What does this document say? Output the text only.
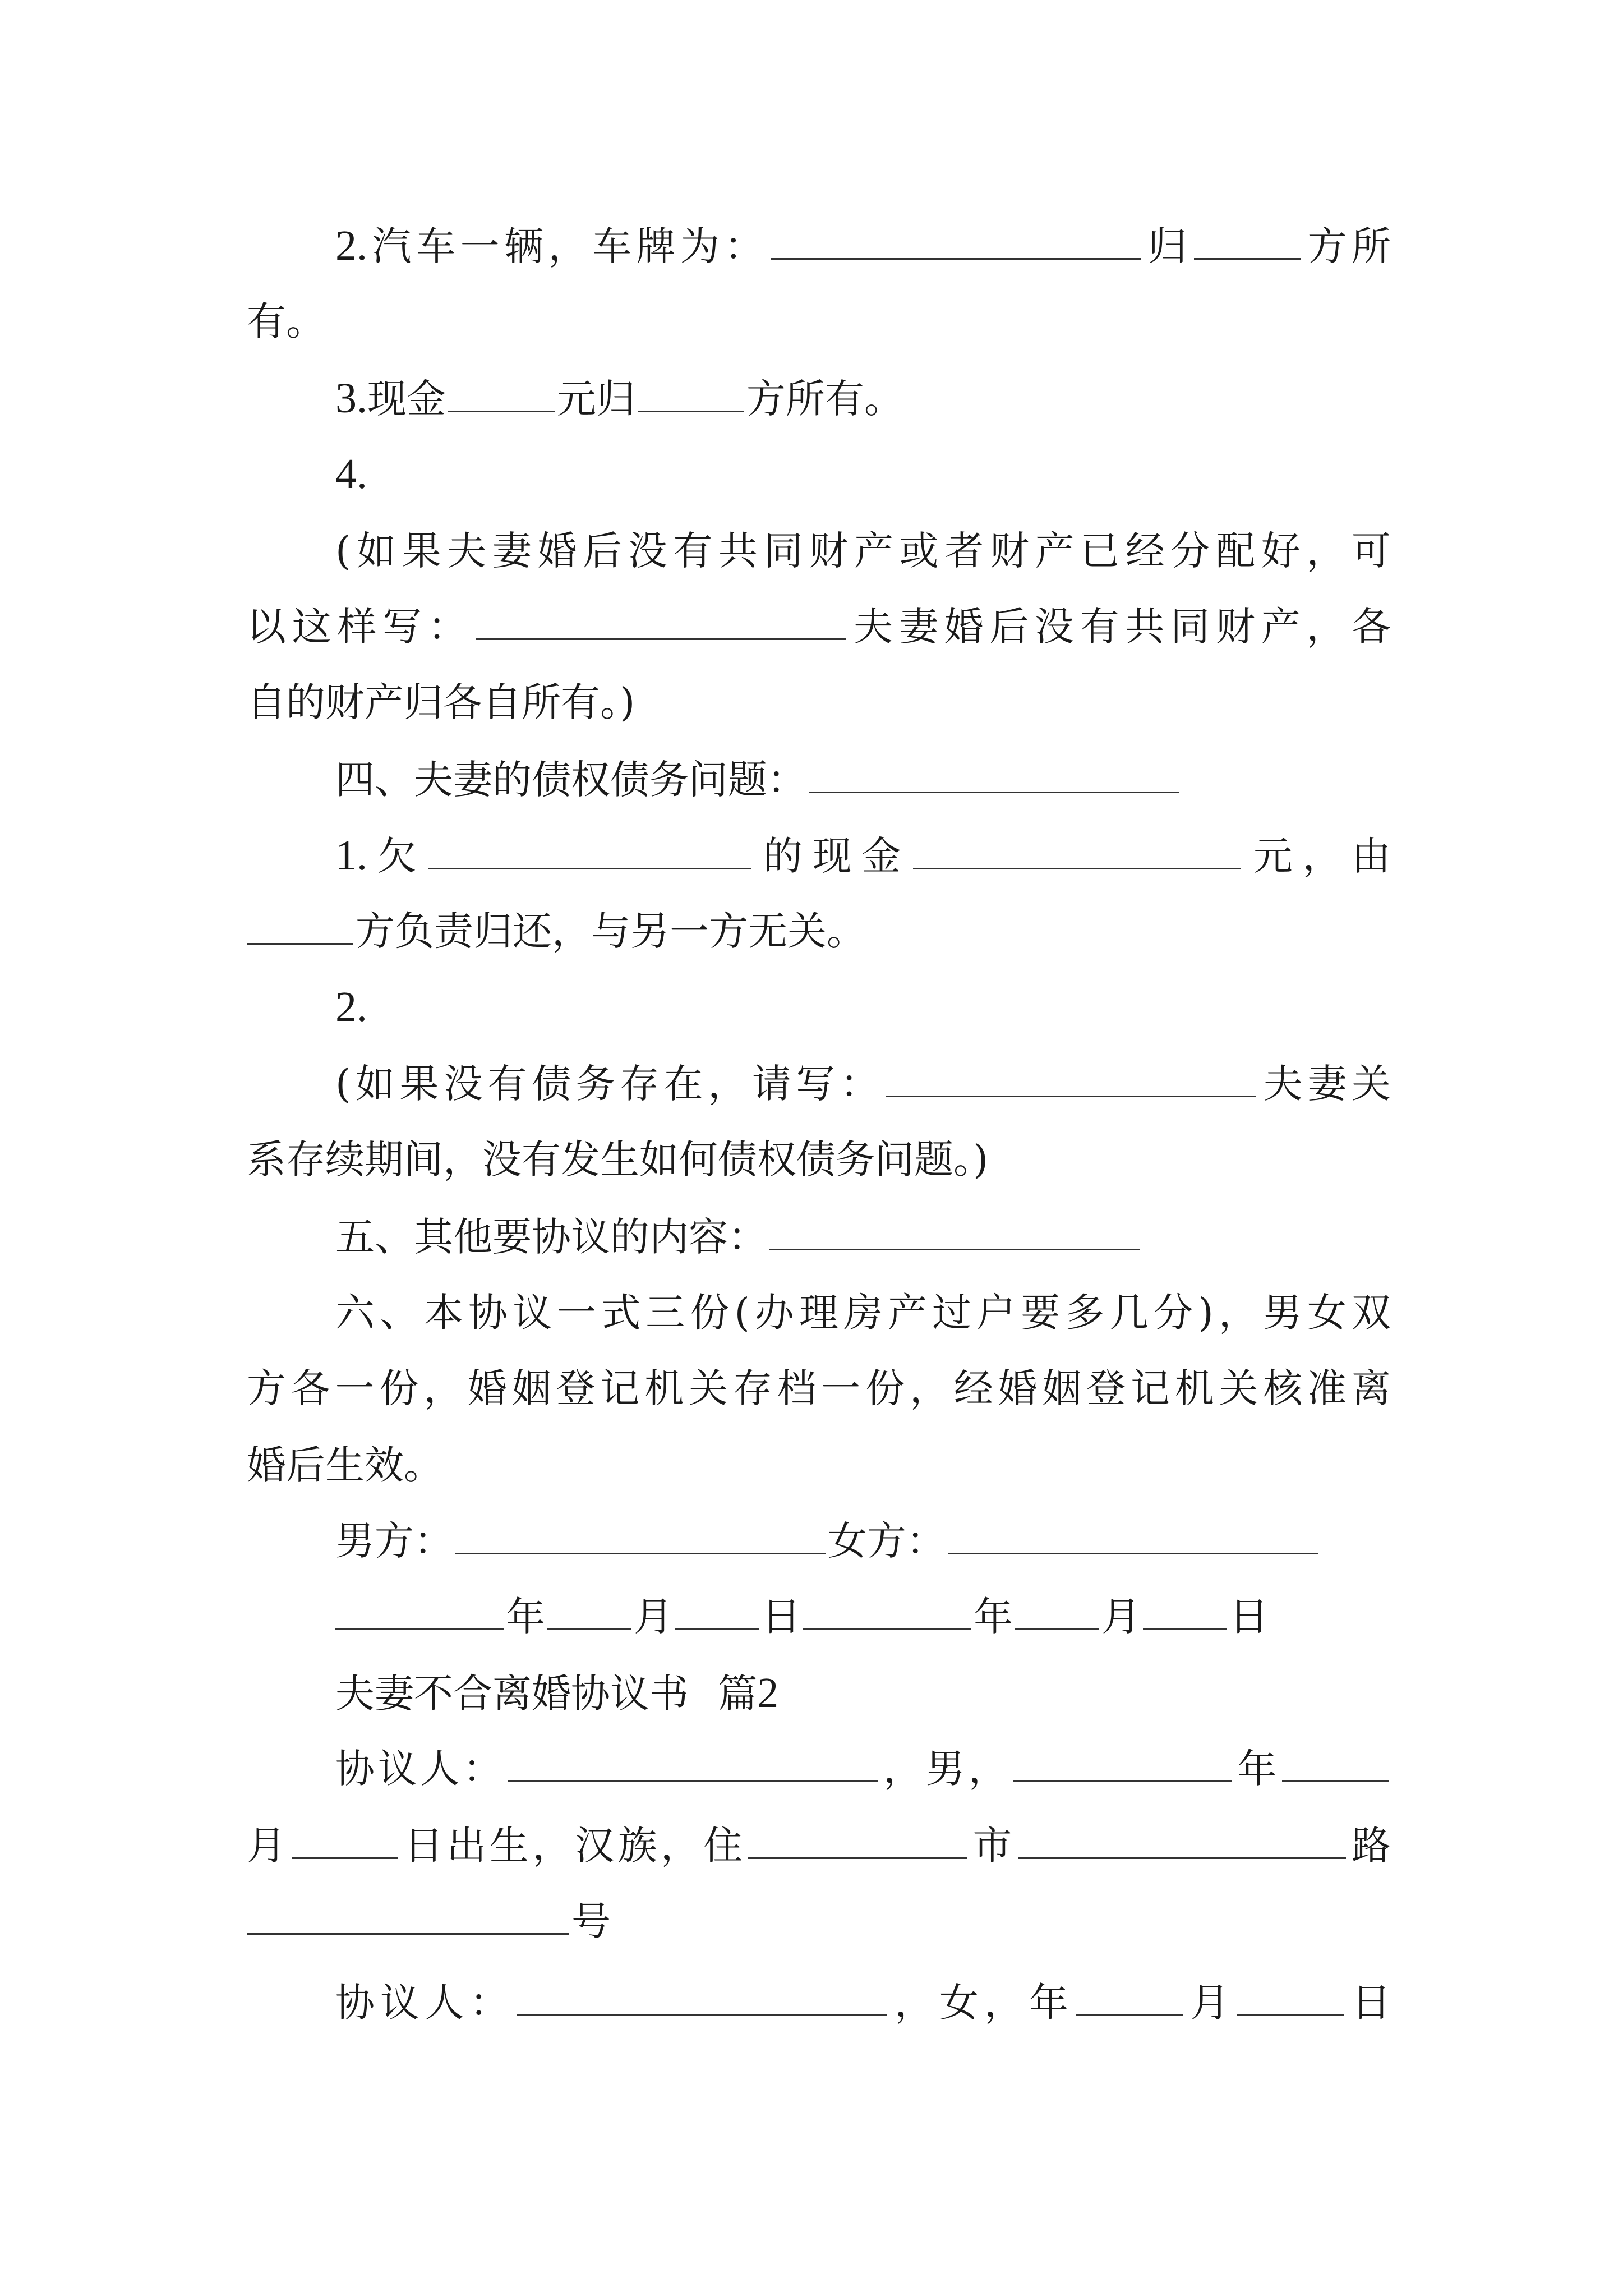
2.汽车一辆，车牌为：	归	方所
有。
3.现金	元归	方所有。
4.
(如果夫妻婚后没有共同财产或者财产已经分配好，可
以这样写：	夫妻婚后没有共同财产，各
自的财产归各自所有。)
四、夫妻的债权债务问题：
1.欠	的现金	元，由
方负责归还，与另一方无关。
2.
(如果没有债务存在，请写：	夫妻关
系存续期间，没有发生如何债权债务问题。)
五、其他要协议的内容：
六、本协议一式三份(办理房产过户要多几分)，男女双
方各一份，婚姻登记机关存档一份，经婚姻登记机关核准离
婚后生效。
男方：	女方：
年 月 日	年 月 日
夫妻不合离婚协议书 篇2
协议人：	，男，	年
月	日出生，汉族，住	市	路
号
协议人：	，女，年	月	日
